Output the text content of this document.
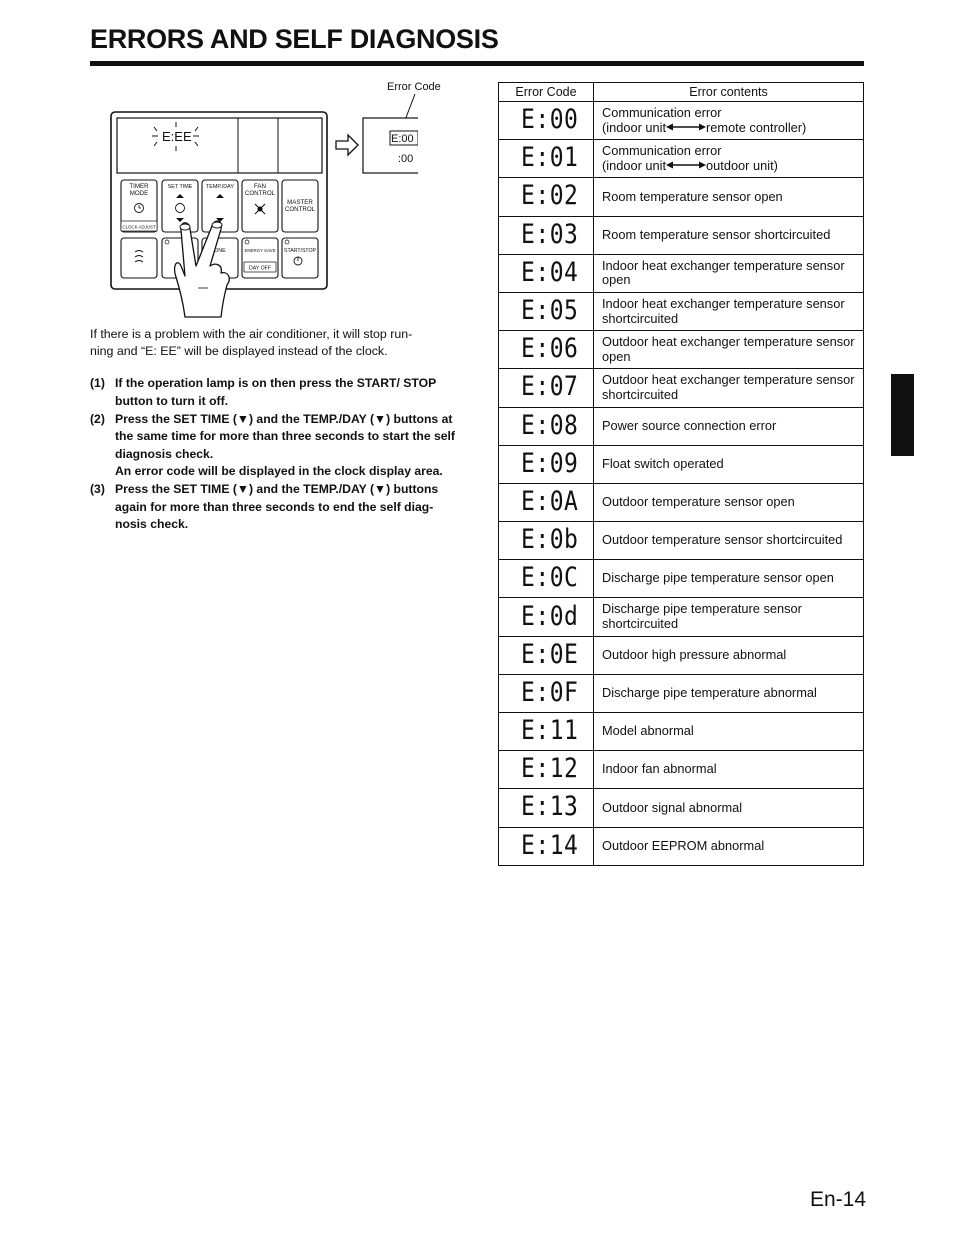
ERRORS AND SELF DIAGNOSIS
Error Code
E:EE	E:00
:00
TIMER
MODE
CLOCK ADJUST
SET TIME	TEMP./DAY	FAN
CONTROL
MASTER
CONTROL
DNE	ENERGY SAVE
DAY OFF
START/STOP
If there is a problem with the air conditioner, it will stop run-
ning and “E: EE” will be displayed instead of the clock.
(1) If the operation lamp is on then press the START/ STOP button to turn it off.
(2) Press the SET TIME (▼) and the TEMP./DAY (▼) buttons at the same time for more than three seconds to start the self diagnosis check.
An error code will be displayed in the clock display area.
(3) Press the SET TIME (▼) and the TEMP./DAY (▼) buttons again for more than three seconds to end the self diag- nosis check.
Error Code	Error contents
E:00	Communication error
(indoor unit remote controller)
E:01	Communication error
(indoor unit outdoor unit)
E:02	Room temperature sensor open
E:03	Room temperature sensor shortcircuited
E:04	Indoor heat exchanger temperature sensor open
E:05	Indoor heat exchanger temperature sensor shortcircuited
E:06	Outdoor heat exchanger temperature sensor open
E:07	Outdoor heat exchanger temperature sensor shortcircuited
E:08	Power source connection error
E:09	Float switch operated
E:0A	Outdoor temperature sensor open
E:0b	Outdoor temperature sensor shortcircuited
E:0C	Discharge pipe temperature sensor open
E:0d	Discharge pipe temperature sensor shortcircuited
E:0E	Outdoor high pressure abnormal
E:0F	Discharge pipe temperature abnormal
E:11	Model abnormal
E:12	Indoor fan abnormal
E:13	Outdoor signal abnormal
E:14	Outdoor EEPROM abnormal
En-14
